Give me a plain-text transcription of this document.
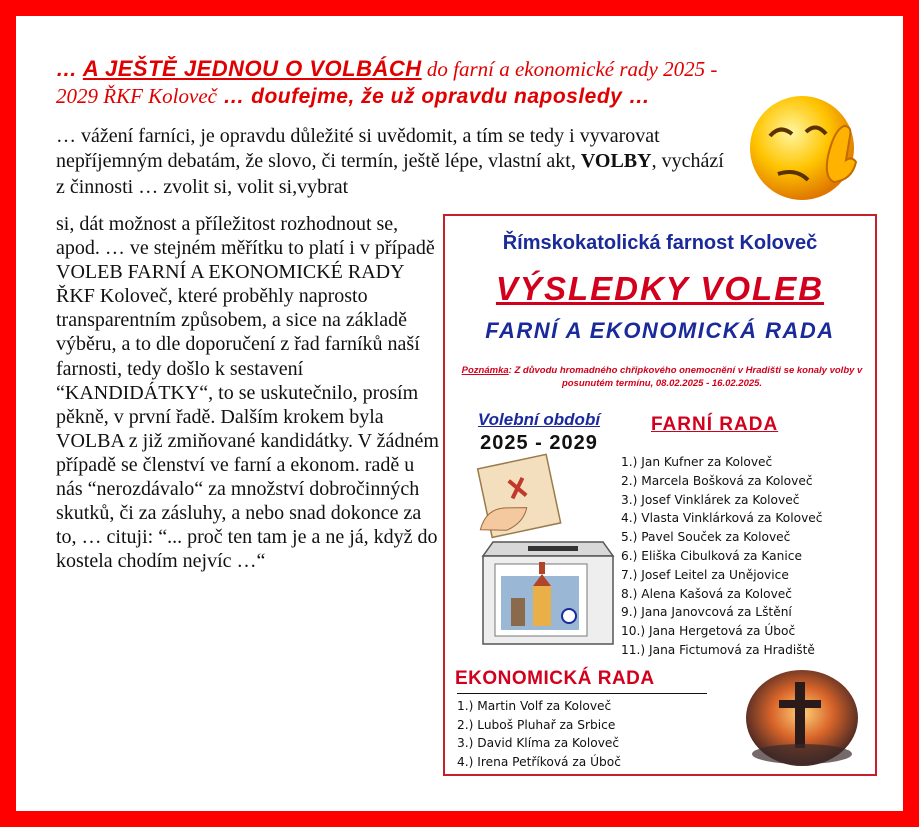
… A JEŠTĚ JEDNOU O VOLBÁCH do farní a ekonomické rady 2025 -
2029 ŘKF Koloveč … doufejme, že už opravdu naposledy …
… vážení farníci, je opravdu důležité si uvědomit, a tím se tedy i vyvarovat nepříjemným debatám, že slovo, či termín, ještě lépe, vlastní akt, VOLBY, vychází z činnosti … zvolit si, volit si,vybrat
si, dát možnost a příležitost rozhodnout se, apod. … ve stejném měřítku to platí i v případě VOLEB FARNÍ A EKONOMICKÉ RADY ŘKF Koloveč, které proběhly naprosto transparentním způsobem, a sice na základě výběru, a to dle doporučení z řad farníků naší farnosti, tedy došlo k sestavení “KANDIDÁTKY“, to se uskutečnilo, prosím pěkně, v první řadě. Dalším krokem byla VOLBA z již zmiňované kandidátky. V žádném případě se členství ve farní a ekonom. radě u nás “nerozdávalo“ za množství dobročinných skutků, či za zásluhy, a nebo snad dokonce za to, … cituji: “... proč ten tam je a ne já, když do kostela chodím nejvíc …“
Římskokatolická farnost Koloveč
VÝSLEDKY VOLEB
FARNÍ A EKONOMICKÁ RADA
Poznámka: Z důvodu hromadného chřipkového onemocnění v Hradišti se konaly volby v posunutém termínu, 08.02.2025 - 16.02.2025.
Volební období
2025 - 2029
FARNÍ RADA
1.) Jan Kufner za Koloveč
2.) Marcela Bošková za Koloveč
3.) Josef Vinklárek za Koloveč
4.) Vlasta Vinklárková za Koloveč
5.) Pavel Souček za Koloveč
6.) Eliška Cibulková za Kanice
7.) Josef Leitel za Unějovice
8.) Alena Kašová za Koloveč
9.) Jana Janovcová za Lštění
10.) Jana Hergetová za Úboč
11.) Jana Fictumová za Hradiště
EKONOMICKÁ RADA
1.) Martin Volf za Koloveč
2.) Luboš Pluhař za Srbice
3.) David Klíma za Koloveč
4.) Irena Petříková za Úboč
